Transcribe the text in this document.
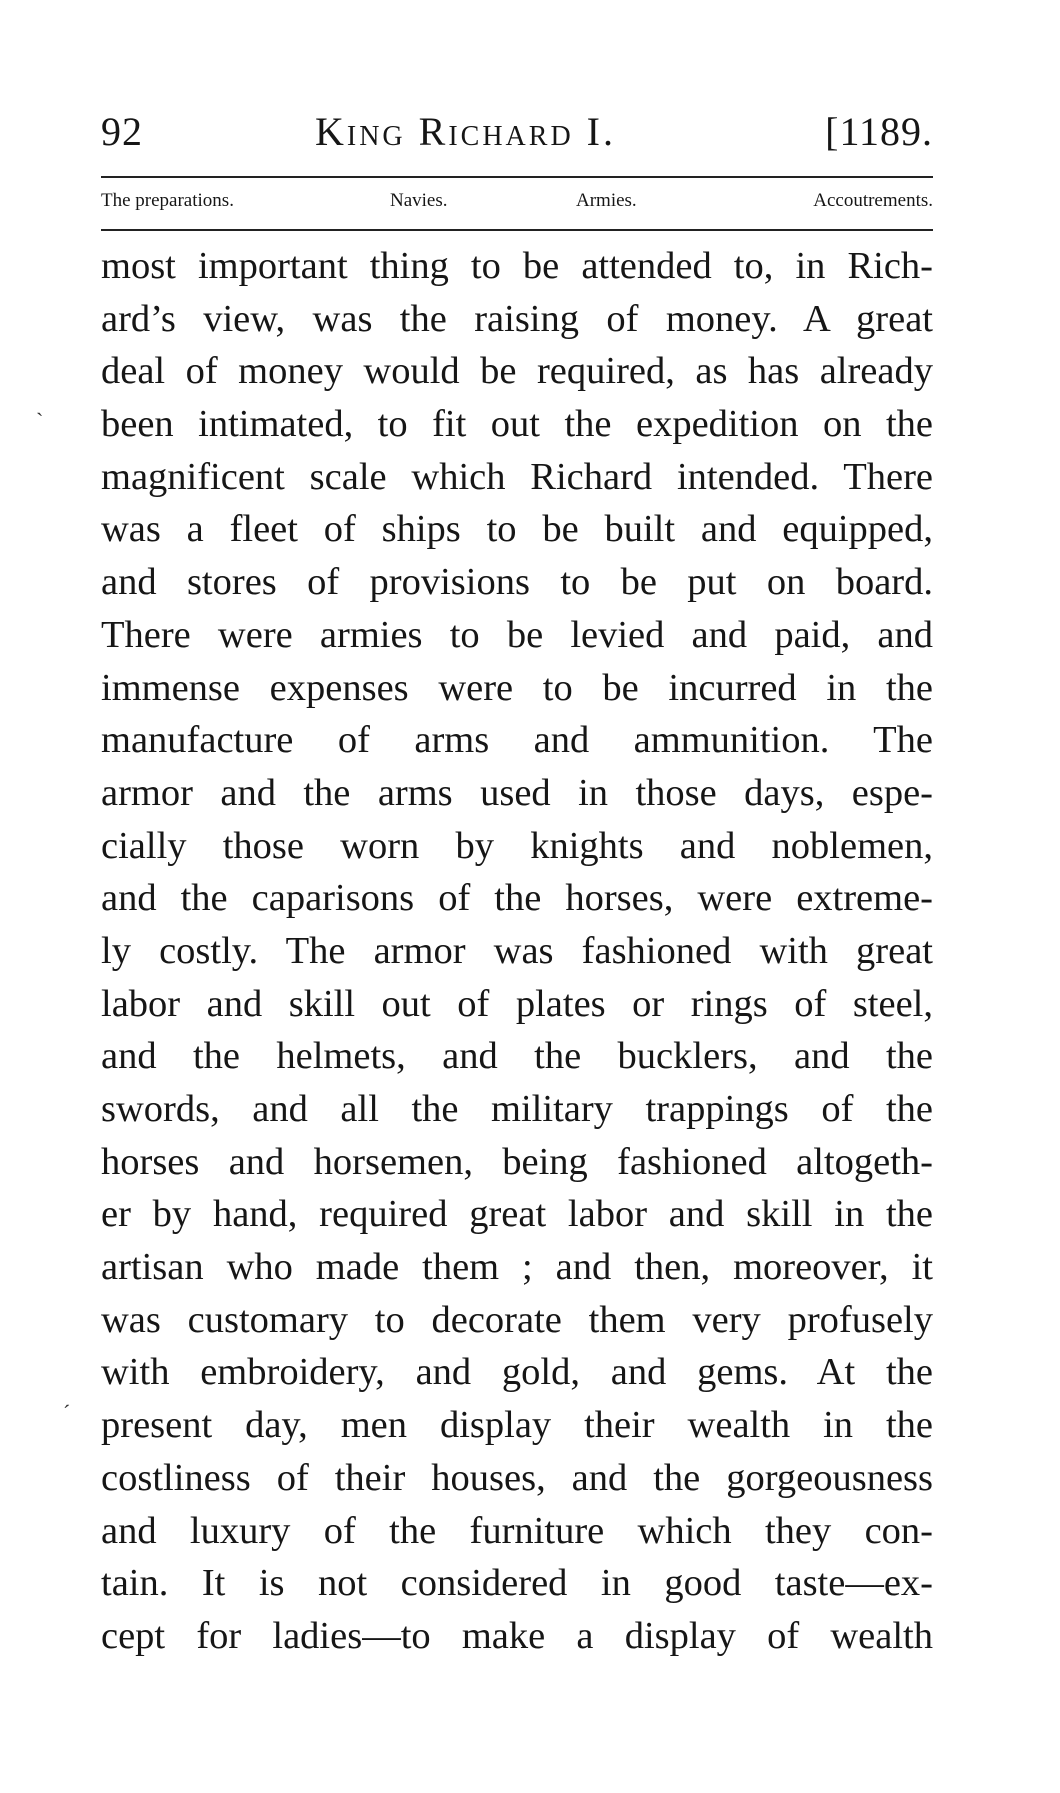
92	King Richard I.	[1189.
The preparations.	Navies.	Armies.	Accoutrements.
ˋ
ˊ
most important thing to be attended to, in Rich-
ard’s view, was the raising of money. A great
deal of money would be required, as has already
been intimated, to fit out the expedition on the
magnificent scale which Richard intended. There
was a fleet of ships to be built and equipped,
and stores of provisions to be put on board.
There were armies to be levied and paid, and
immense expenses were to be incurred in the
manufacture of arms and ammunition. The
armor and the arms used in those days, espe-
cially those worn by knights and noblemen,
and the caparisons of the horses, were extreme-
ly costly. The armor was fashioned with great
labor and skill out of plates or rings of steel,
and the helmets, and the bucklers, and the
swords, and all the military trappings of the
horses and horsemen, being fashioned altogeth-
er by hand, required great labor and skill in the
artisan who made them ; and then, moreover, it
was customary to decorate them very profusely
with embroidery, and gold, and gems. At the
present day, men display their wealth in the
costliness of their houses, and the gorgeousness
and luxury of the furniture which they con-
tain. It is not considered in good taste—ex-
cept for ladies—to make a display of wealth
